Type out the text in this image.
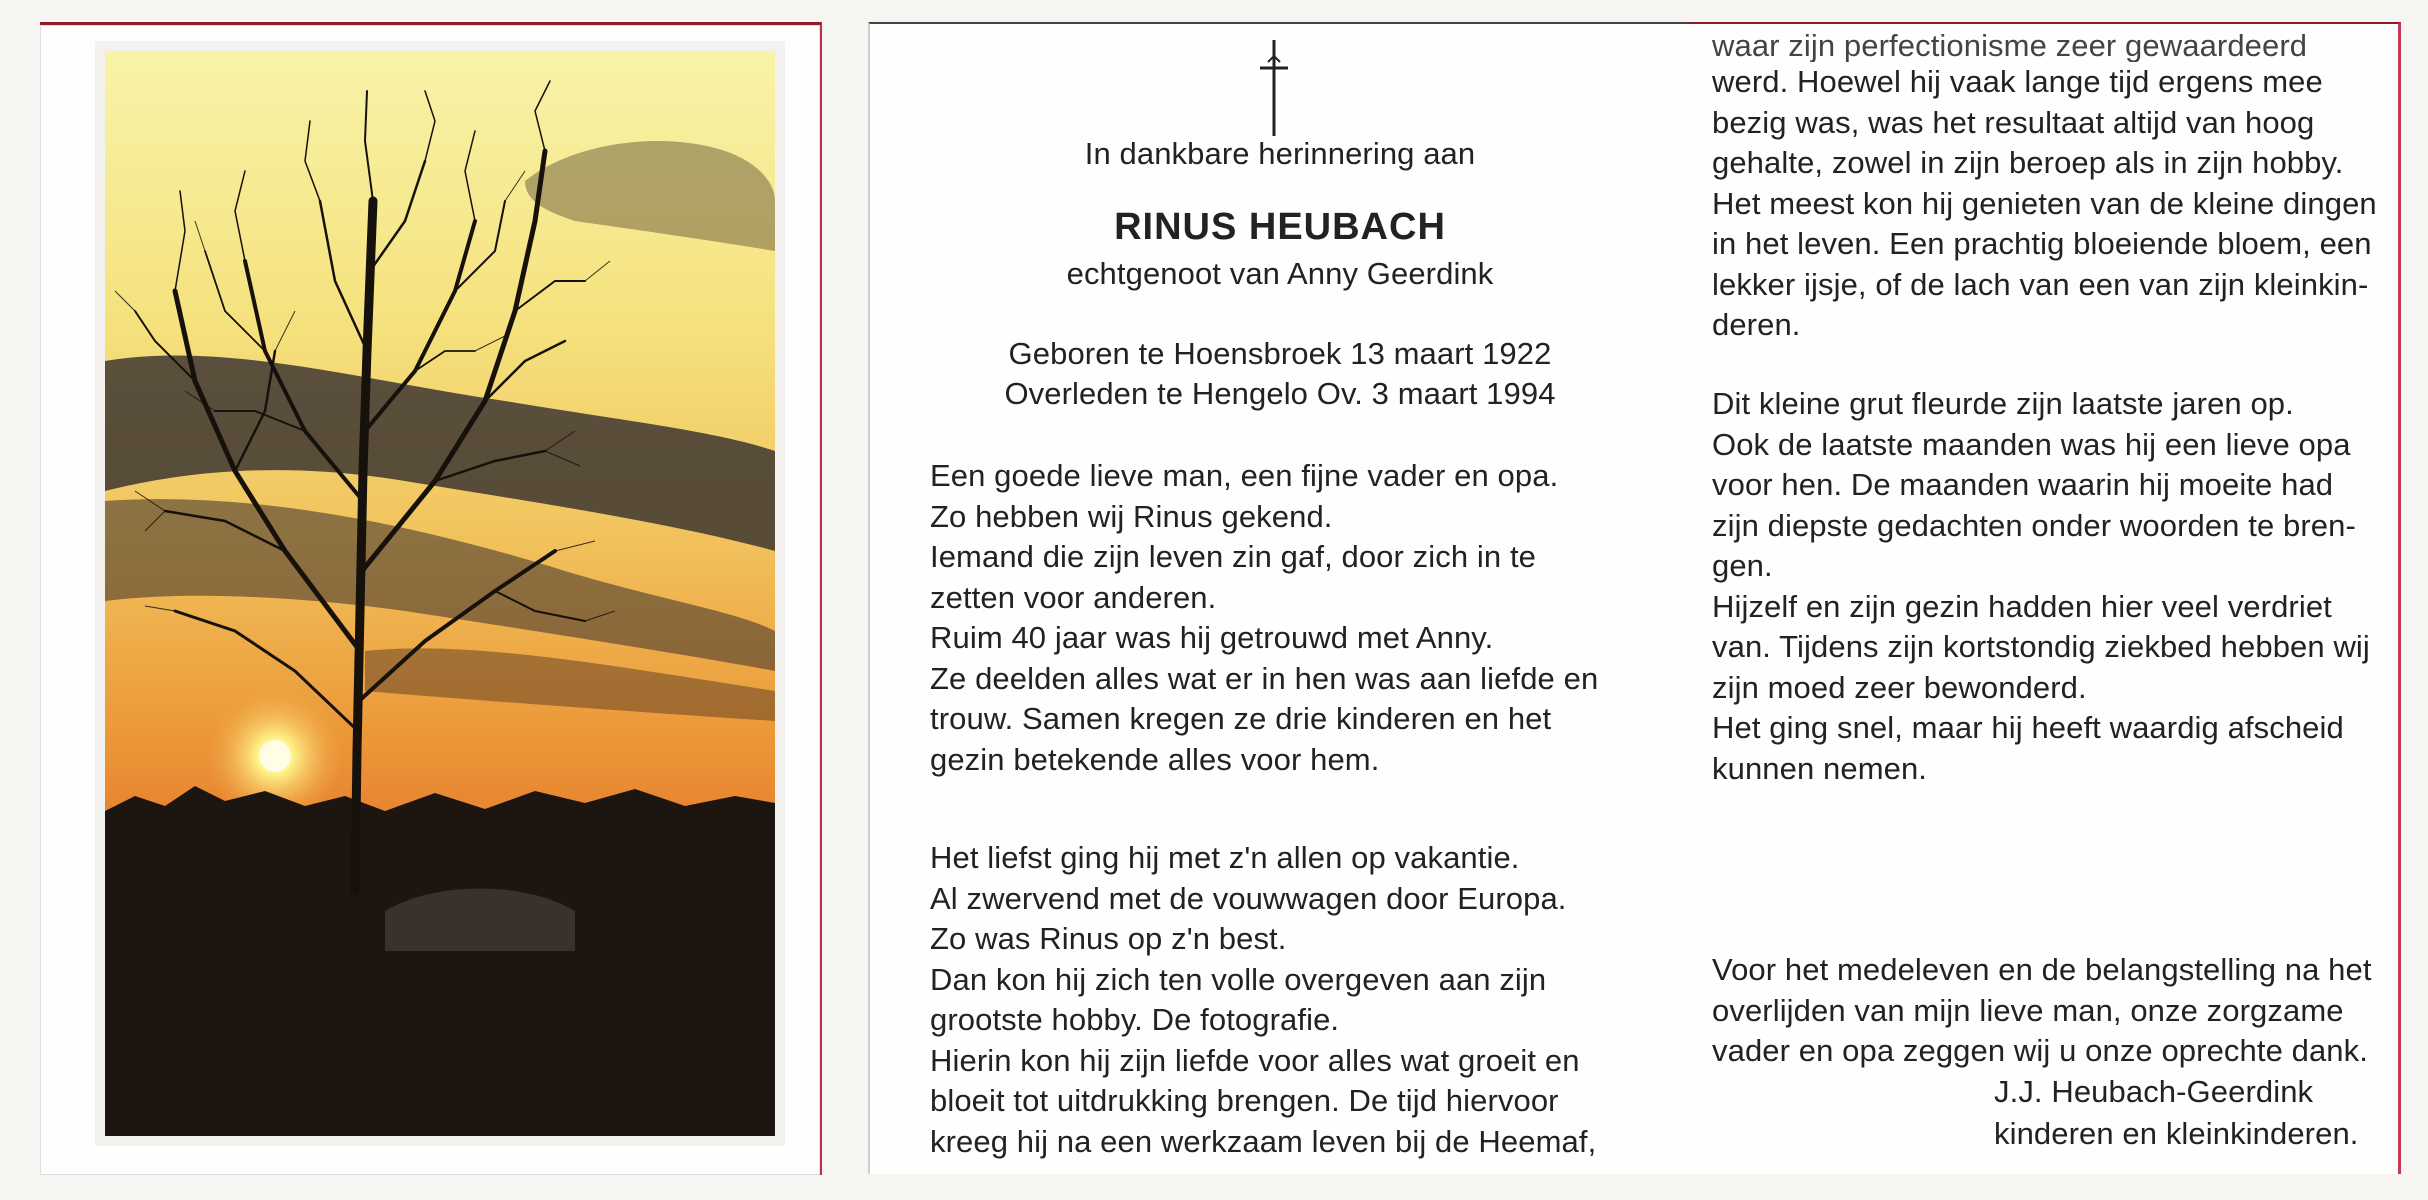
In dankbare herinnering aan
RINUS HEUBACH
echtgenoot van Anny Geerdink
Geboren te Hoensbroek 13 maart 1922
Overleden te Hengelo Ov. 3 maart 1994
Een goede lieve man, een fijne vader en opa.
Zo hebben wij Rinus gekend.
Iemand die zijn leven zin gaf, door zich in te
zetten voor anderen.
Ruim 40 jaar was hij getrouwd met Anny.
Ze deelden alles wat er in hen was aan liefde en
trouw. Samen kregen ze drie kinderen en het
gezin betekende alles voor hem.
Het liefst ging hij met z'n allen op vakantie.
Al zwervend met de vouwwagen door Europa.
Zo was Rinus op z'n best.
Dan kon hij zich ten volle overgeven aan zijn
grootste hobby. De fotografie.
Hierin kon hij zijn liefde voor alles wat groeit en
bloeit tot uitdrukking brengen. De tijd hiervoor
kreeg hij na een werkzaam leven bij de Heemaf,
waar zijn perfectionisme zeer gewaardeerd
werd. Hoewel hij vaak lange tijd ergens mee
bezig was, was het resultaat altijd van hoog
gehalte, zowel in zijn beroep als in zijn hobby.
Het meest kon hij genieten van de kleine dingen
in het leven. Een prachtig bloeiende bloem, een
lekker ijsje, of de lach van een van zijn kleinkin-
deren.
Dit kleine grut fleurde zijn laatste jaren op.
Ook de laatste maanden was hij een lieve opa
voor hen. De maanden waarin hij moeite had
zijn diepste gedachten onder woorden te bren-
gen.
Hijzelf en zijn gezin hadden hier veel verdriet
van. Tijdens zijn kortstondig ziekbed hebben wij
zijn moed zeer bewonderd.
Het ging snel, maar hij heeft waardig afscheid
kunnen nemen.
Voor het medeleven en de belangstelling na het
overlijden van mijn lieve man, onze zorgzame
vader en opa zeggen wij u onze oprechte dank.
J.J. Heubach-Geerdink
kinderen en kleinkinderen.
